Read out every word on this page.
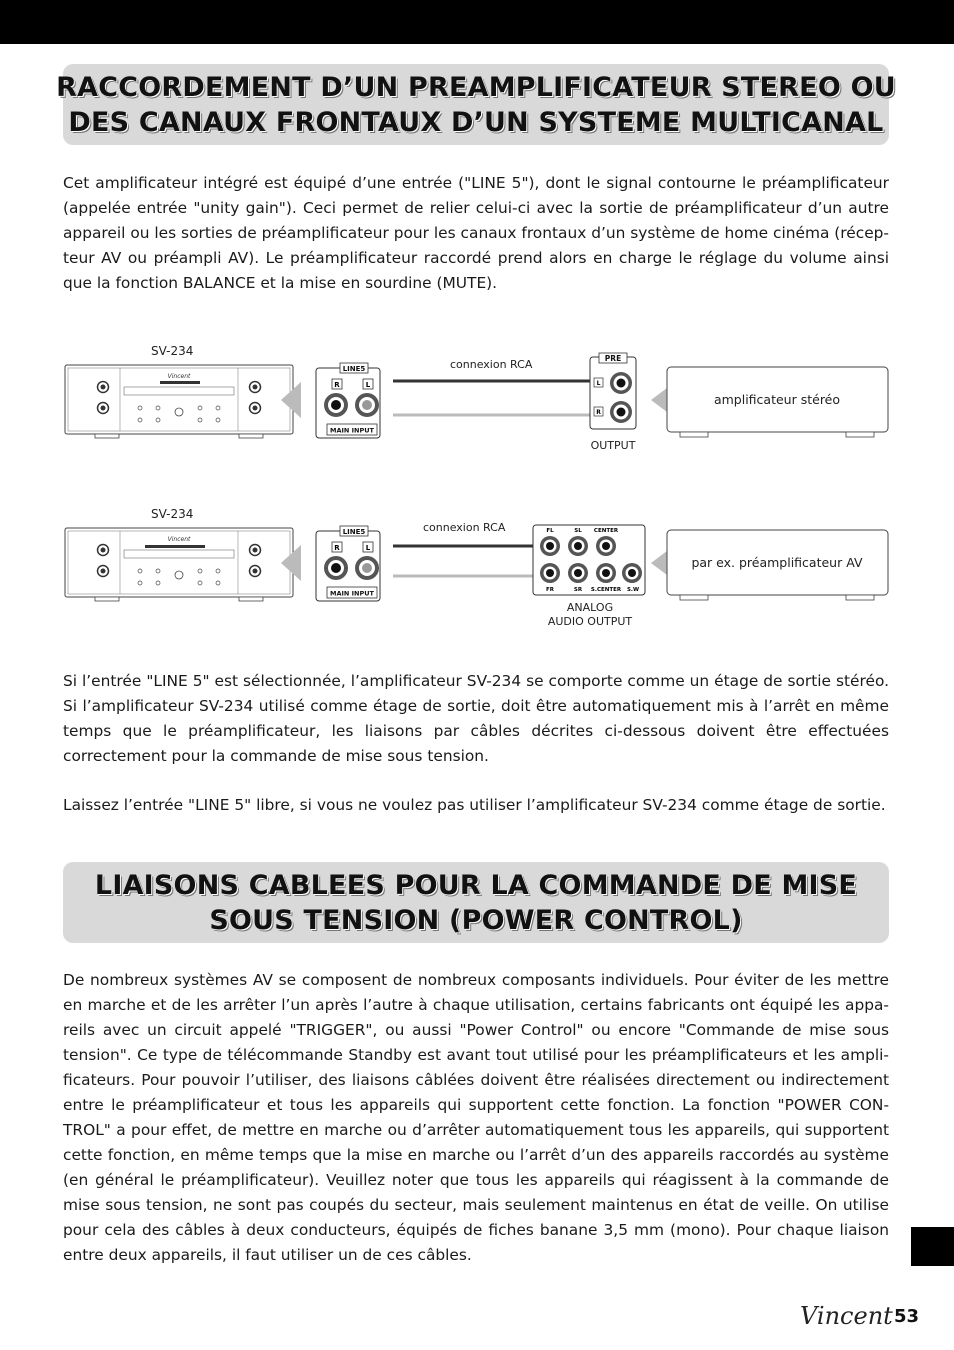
RACCORDEMENT D’UN PREAMPLIFICATEUR STEREO OU
DES CANAUX FRONTAUX D’UN SYSTEME MULTICANAL

Cet amplificateur intégré est équipé d’une entrée ("LINE 5"), dont le signal contourne le préamplificateur (appelée entrée "unity gain"). Ceci permet de relier celui-ci avec la sortie de préamplificateur d’un autre appareil ou les sorties de préamplificateur pour les canaux frontaux d’un système de home cinéma (récep-teur AV ou préampli AV). Le préamplificateur raccordé prend alors en charge le réglage du volume ainsi que la fonction BALANCE et la mise en sourdine (MUTE).

SV-234
Vincent
LINE5
R	L
MAIN INPUT
connexion RCA	PRE
L
R
OUTPUT
amplificateur stéréo
SV-234
Vincent
LINE5
R	L
MAIN INPUT
connexion RCA	FL	SL CENTER
FR	SR S.CENTER S.W
ANALOG
AUDIO OUTPUT
par ex. préamplificateur AV

Si l’entrée "LINE 5" est sélectionnée, l’amplificateur SV-234 se comporte comme un étage de sortie stéréo. Si l’amplificateur SV-234 utilisé comme étage de sortie, doit être automatiquement mis à l’arrêt en même temps que le préamplificateur, les liaisons par câbles décrites ci-dessous doivent être effectuées correctement pour la commande de mise sous tension.

Laissez l’entrée "LINE 5" libre, si vous ne voulez pas utiliser l’amplificateur SV-234 comme étage de sortie.

LIAISONS CABLEES POUR LA COMMANDE DE MISE
SOUS TENSION (POWER CONTROL)

De nombreux systèmes AV se composent de nombreux composants individuels. Pour éviter de les mettre en marche et de les arrêter l’un après l’autre à chaque utilisation, certains fabricants ont équipé les appa-reils avec un circuit appelé "TRIGGER", ou aussi "Power Control" ou encore "Commande de mise sous tension". Ce type de télécommande Standby est avant tout utilisé pour les préamplificateurs et les ampli-ficateurs. Pour pouvoir l’utiliser, des liaisons câblées doivent être réalisées directement ou indirectement entre le préamplificateur et tous les appareils qui supportent cette fonction. La fonction "POWER CON-TROL" a pour effet, de mettre en marche ou d’arrêter automatiquement tous les appareils, qui supportent cette fonction, en même temps que la mise en marche ou l’arrêt d’un des appareils raccordés au système (en général le préamplificateur). Veuillez noter que tous les appareils qui réagissent à la commande de mise sous tension, ne sont pas coupés du secteur, mais seulement maintenus en état de veille. On utilise pour cela des câbles à deux conducteurs, équipés de fiches banane 3,5 mm (mono). Pour chaque liaison entre deux appareils, il faut utiliser un de ces câbles.

Vincent 53
